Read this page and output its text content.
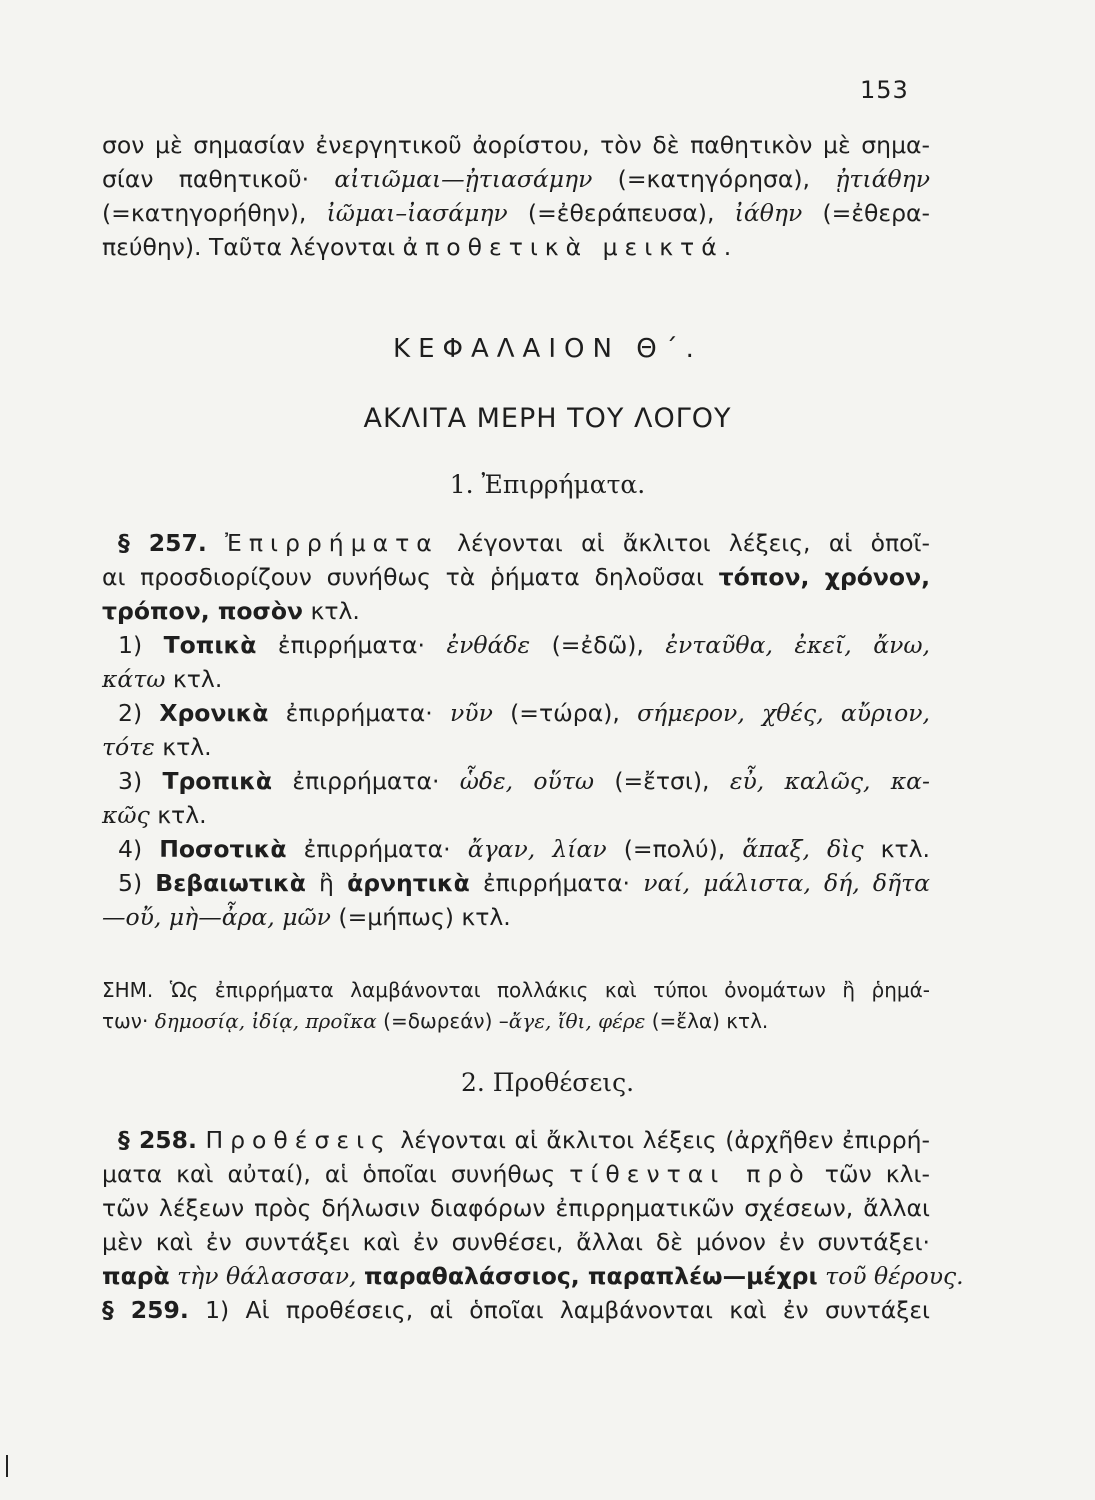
153
σον μὲ σημασίαν ἐνεργητικοῦ ἀορίστου, τὸν δὲ παθητικὸν μὲ σημα-
σίαν παθητικοῦ· αἰτιῶμαι—ᾐτιασάμην (=κατηγόρησα), ᾐτιάθην
(=κατηγορήθην), ἰῶμαι–ἰασάμην (=ἐθεράπευσα), ἰάθην (=ἐθερα-
πεύθην). Ταῦτα λέγονται ἀποθετικὰ μεικτά.
ΚΕΦΑΛΑΙΟΝ Θ΄.
ΑΚΛΙΤΑ ΜΕΡΗ ΤΟΥ ΛΟΓΟΥ
1. Ἐπιρρήματα.
§ 257. Ἐπιρρήματα λέγονται αἱ ἄκλιτοι λέξεις, αἱ ὁποῖ-
αι προσδιορίζουν συνήθως τὰ ῥήματα δηλοῦσαι τόπον, χρόνον,
τρόπον, ποσὸν κτλ.
1) Τοπικὰ ἐπιρρήματα· ἐνθάδε (=ἐδῶ), ἐνταῦθα, ἐκεῖ, ἄνω,
κάτω κτλ.
2) Χρονικὰ ἐπιρρήματα· νῦν (=τώρα), σήμερον, χθές, αὔριον,
τότε κτλ.
3) Τροπικὰ ἐπιρρήματα· ὧδε, οὕτω (=ἔτσι), εὖ, καλῶς, κα-
κῶς κτλ.
4) Ποσοτικὰ ἐπιρρήματα· ἄγαν, λίαν (=πολύ), ἅπαξ, δὶς κτλ.
5) Βεβαιωτικὰ ἢ ἀρνητικὰ ἐπιρρήματα· ναί, μάλιστα, δή, δῆτα
—οὔ, μὴ—ἆρα, μῶν (=μήπως) κτλ.
ΣΗΜ. Ὡς ἐπιρρήματα λαμβάνονται πολλάκις καὶ τύποι ὀνομάτων ἢ ῥημά-
των· δημοσίᾳ, ἰδίᾳ, προῖκα (=δωρεάν) –ἄγε, ἴθι, φέρε (=ἔλα) κτλ.
2. Προθέσεις.
§ 258. Προθέσεις λέγονται αἱ ἄκλιτοι λέξεις (ἀρχῆθεν ἐπιρρή-
ματα καὶ αὐταί), αἱ ὁποῖαι συνήθως τίθενται πρὸ τῶν κλι-
τῶν λέξεων πρὸς δήλωσιν διαφόρων ἐπιρρηματικῶν σχέσεων, ἄλλαι
μὲν καὶ ἐν συντάξει καὶ ἐν συνθέσει, ἄλλαι δὲ μόνον ἐν συντάξει·
παρὰ τὴν θάλασσαν, παραθαλάσσιος, παραπλέω—μέχρι τοῦ θέρους.
§ 259. 1) Αἱ προθέσεις, αἱ ὁποῖαι λαμβάνονται καὶ ἐν συντάξει
